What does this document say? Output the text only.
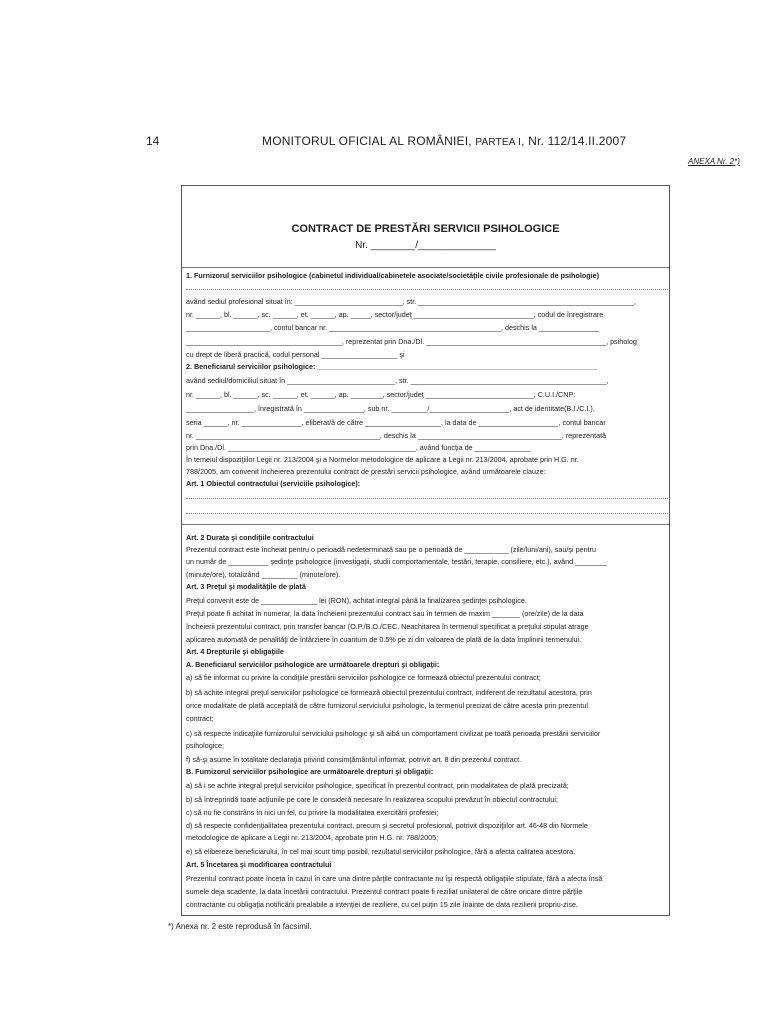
14	MONITORUL OFICIAL AL ROMÂNIEI, PARTEA I, Nr. 112/14.II.2007
ANEXA Nr. 2*)
CONTRACT DE PRESTĂRI SERVICII PSIHOLOGICE
Nr. ________/______________
1. Furnizorul serviciilor psihologice (cabinetul individual/cabinetele asociate/societăţile civile profesionale de psihologie)
având sediul profesional situat în: ___________________________, str. ______________________________________________________,
nr. ______, bl. ______, sc. ______, et. ______, ap. _____, sector/judeţ ______________________________, codul de înregistrare
_____________________, contul bancar nr. ___________________________________________, deschis la _______________
_______________________________________, reprezentat prin Dna./Dl. _____________________________________________, psiholog
cu drept de liberă practică, codul personal ___________________ şi
2. Beneficiarul serviciilor psihologice: ______________________________________________________________________
având sediul/domiciliul situat în ___________________________, str. _________________________________________________,
nr. ______, bl. ______, sc. ______, et. ______, ap. ________, sector/judeţ ___________________________, C.U.I./CNP:
_________________, înregistrată în _______________, sub nr. _________/____________________, act de identitate(B.I./C.I.),
seria ______, nr. _______________, eliberat/ă de către ___________________, la data de ____________________, contul bancar
nr. ______________________________________________, deschis la ____________________________________, reprezentată
prin Dna./Dl. _______________________________________________, având funcţia de ______________
În temeiul dispoziţiilor Legii nr. 213/2004 şi a Normelor metodologice de aplicare a Legii nr. 213/2004, aprobate prin H.G. nr.
788/2005, am convenit încheierea prezentului contract de prestări servicii psihologice, având următoarele clauze:
Art. 1 Obiectul contractului (serviciile psihologice):
Art. 2 Durata şi condiţiile contractului
Prezentul contract este încheiat pentru o perioadă nedeterminată sau pe o perioadă de ___________ (zile/luni/ani), sau/şi pentru
un număr de __________ şedinţe psihologice (investigaţii, studii comportamentale, testări, terapie, consiliere, etc.), având ________
(minute/ore), totalizând _________ (minute/ore).
Art. 3 Preţul şi modalităţile de plată
Preţul convenit este de ______________ lei (RON), achitat integral până la finalizarea şedinţei psihologice.
Preţul poate fi achitat în numerar, la data încheierii prezentului contract sau în termen de maxim _______ (ore/zile) de la data
încheierii prezentului contract, prin transfer bancar (O.P./B.O./CEC. Neachitarea în termenul specificat a preţului stipulat atrage
aplicarea automată de penalităţi de întârziere în cuantum de 0.5% pe zi din valoarea de plată de la data împlinirii termenului.
Art. 4 Drepturile şi obligaţiile
A. Beneficiarul serviciilor psihologice are următoarele drepturi şi obligaţii:
a) să fie informat cu privire la condiţiile prestării serviciilor psihologice ce formează obiectul prezentului contract;
b) să achite integral preţul serviciilor psihologice ce formează obiectul prezentului contract, indiferent de rezultatul acestora, prin
orice modalitate de plată acceptată de către furnizorul serviciului psihologic, la termenul precizat de către acesta prin prezentul
contract;
c) să respecte indicaţiile furnizorului serviciului psihologic şi să aibă un comportament civilizat pe toată perioada prestării serviciilor
psihologice;
f) să-şi asume în totalitate declaraţia privind consimţământul informat, potrivit art. 8 din prezentul contract.
B. Furnizorul serviciilor psihologice are următoarele drepturi şi obligaţii:
a) să i se achite integral preţul serviciilor psihologice, specificat în prezentul contract, prin modalitatea de plată precizată;
b) să întreprindă toate acţiunile pe care le consideră necesare în realizarea scopului prevăzut în obiectul contractului;
c) să nu fie constrâns în nici un fel, cu privire la modalitatea exercitării profesiei;
d) să respecte confidenţialitatea prezentului contract, precum şi secretul profesional, potrivit dispoziţiilor art. 46-48 din Normele
metodologice de aplicare a Legii nr. 213/2004, aprobate prin H.G. nr. 788/2005;
e) să elibereze beneficiarului, în cel mai scurt timp posibil, rezultatul serviciilor psihologice, fără a afecta calitatea acestora.
Art. 5 Încetarea şi modificarea contractului
Prezentul contract poate înceta în cazul în care una dintre părţile contractante nu îşi respectă obligaţiile stipulate, fără a afecta însă
sumele deja scadente, la data încetării contractului. Prezentul contract poate fi reziliat unilateral de către oricare dintre părţile
contractante cu obligaţia notificării prealabile a intenţiei de reziliere, cu cel puţin 15 zile înainte de data rezilierii propriu-zise.
*) Anexa nr. 2 este reprodusă în facsimil.
